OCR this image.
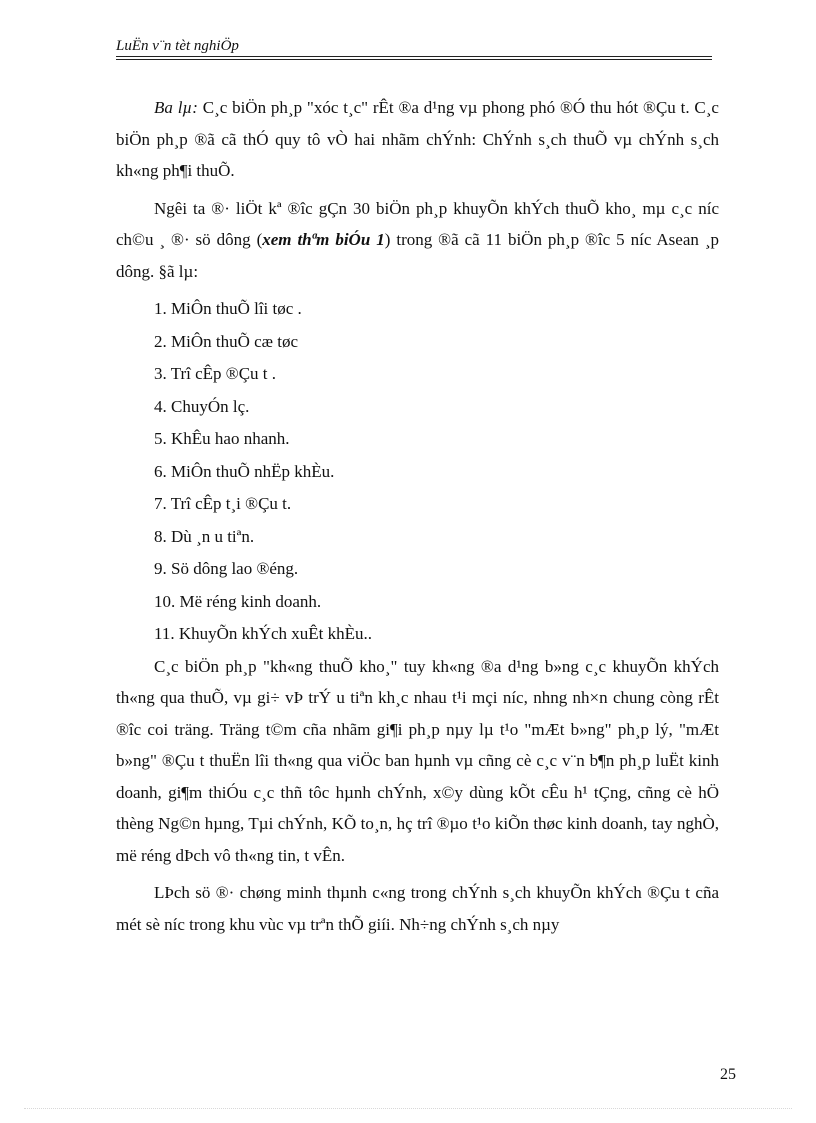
LuËn v¨n tèt nghiÖp

Ba lµ: C¸c biÖn ph¸p "xóc t¸c" rÊt ®a d¹ng vµ phong phó ®Ó thu hót ®Çu t. C¸c biÖn ph¸p ®ã cã thÓ quy tô vÒ hai nhãm chÝnh: ChÝnh s¸ch thuÕ vµ chÝnh s¸ch kh«ng ph¶i thuÕ.

Ngêi ta ®· liÖt kª ®îc gÇn 30 biÖn ph¸p khuyÕn khÝch thuÕ kho¸ mµ c¸c níc ch©u ¸ ®· sö dông (xem thªm biÓu 1) trong ®ã cã 11 biÖn ph¸p ®îc 5 níc Asean ¸p dông. §ã lµ:

1. MiÔn thuÕ lîi tøc .
2. MiÔn thuÕ cæ tøc
3. Trî cÊp ®Çu t .
4. ChuyÓn lç.
5. KhÊu hao nhanh.
6. MiÔn thuÕ nhËp khÈu.
7. Trî cÊp t¸i ®Çu t.
8. Dù ¸n u tiªn.
9. Sö dông lao ®éng.
10. Më réng kinh doanh.
11. KhuyÕn khÝch xuÊt khÈu..

C¸c biÖn ph¸p "kh«ng thuÕ kho¸" tuy kh«ng ®a d¹ng b»ng c¸c khuyÕn khÝch th«ng qua thuÕ, vµ gi÷ vÞ trÝ u tiªn kh¸c nhau t¹i mçi níc, nhng nh×n chung còng rÊt ®îc coi träng. Träng t©m cña nhãm gi¶i ph¸p nµy lµ t¹o "mÆt b»ng" ph¸p lý, "mÆt b»ng" ®Çu t thuËn lîi th«ng qua viÖc ban hµnh vµ cñng cè c¸c v¨n b¶n ph¸p luËt kinh doanh, gi¶m thiÓu c¸c thñ tôc hµnh chÝnh, x©y dùng kÕt cÊu h¹ tÇng, cñng cè hÖ thèng Ng©n hµng, Tµi chÝnh, KÕ to¸n, hç trî ®µo t¹o kiÕn thøc kinh doanh, tay nghÒ, më réng dÞch vô th«ng tin, t vÊn.

LÞch sö ®· chøng minh thµnh c«ng trong chÝnh s¸ch khuyÕn khÝch ®Çu t cña mét sè níc trong khu vùc vµ trªn thÕ giíi. Nh÷ng chÝnh s¸ch nµy

25
